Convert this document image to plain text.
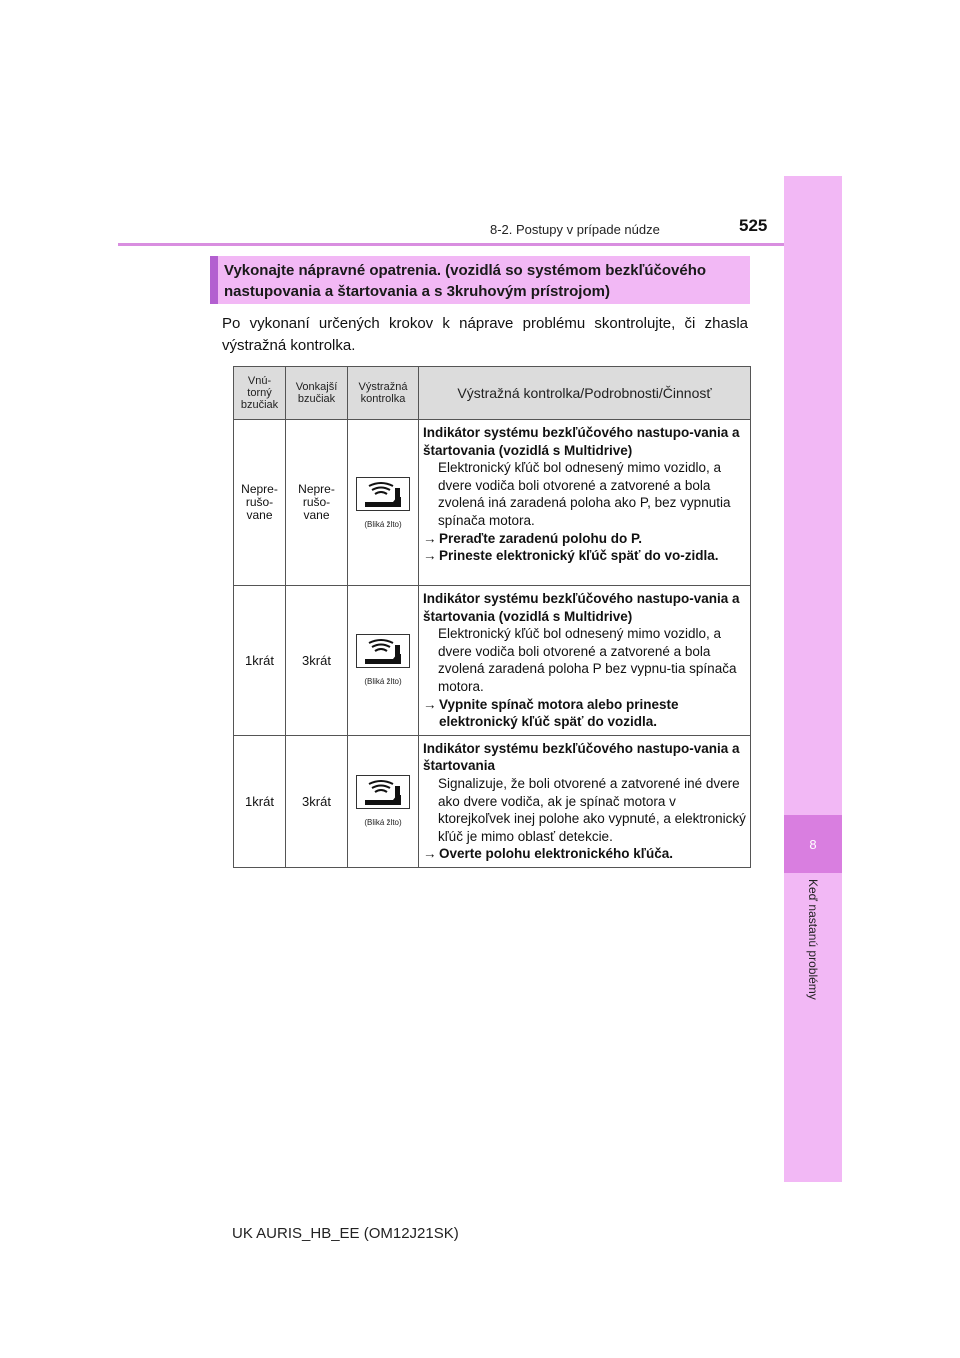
8
Keď nastanú problémy
8-2. Postupy v prípade núdze	525
Vykonajte nápravné opatrenia. (vozidlá so systémom bezkľúčového nastupovania a štartovania a s 3kruhovým prístrojom)
Po vykonaní určených krokov k náprave problému skontrolujte, či zhasla výstražná kontrolka.
Vnú-torný bzučiak	Vonkajší bzučiak	Výstražná kontrolka	Výstražná kontrolka/Podrobnosti/Činnosť
Nepre-rušo-vane	Nepre-rušo-vane	(Bliká žlto)	Indikátor systému bezkľúčového nastupo-vania a štartovania (vozidlá s Multidrive)
Elektronický kľúč bol odnesený mimo vozidlo, a dvere vodiča boli otvorené a zatvorené a bola zvolená iná zaradená poloha ako P, bez vypnutia spínača motora.
→ Preraďte zaradenú polohu do P.
→ Prineste elektronický kľúč späť do vo-zidla.

1krát	3krát	(Bliká žlto)	Indikátor systému bezkľúčového nastupo-vania a štartovania (vozidlá s Multidrive)
Elektronický kľúč bol odnesený mimo vozidlo, a dvere vodiča boli otvorené a zatvorené a bola zvolená zaradená poloha P bez vypnu-tia spínača motora.
→ Vypnite spínač motora alebo prineste elektronický kľúč späť do vozidla.

1krát	3krát	(Bliká žlto)	Indikátor systému bezkľúčového nastupo-vania a štartovania
Signalizuje, že boli otvorené a zatvorené iné dvere ako dvere vodiča, ak je spínač motora v ktorejkoľvek inej polohe ako vypnuté, a elektronický kľúč je mimo oblasť detekcie.
→ Overte polohu elektronického kľúča.
UK AURIS_HB_EE (OM12J21SK)
